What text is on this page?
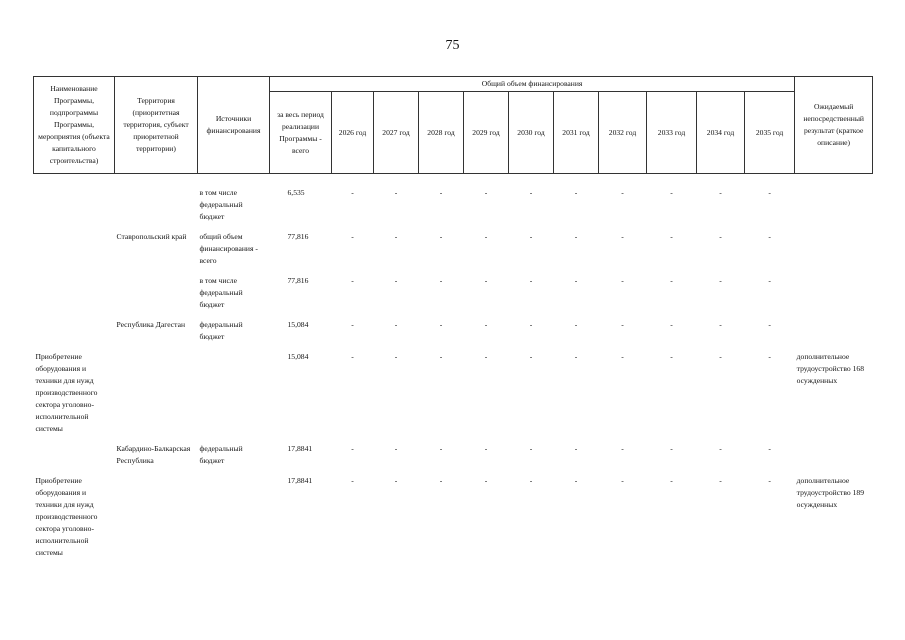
75
Наименование Программы, подпрограммы Программы, мероприятия (объекта капитального строительства)	Территория (приоритетная территория, субъект приоритетной территории)	Источники финансирования	Общий объем финансирования											Ожидаемый непосредственный результат (краткое описание)
			за весь период реализации Программы - всего	2026 год	2027 год	2028 год	2029 год	2030 год	2031 год	2032 год	2033 год	2034 год	2035 год	
		в том числе федеральный бюджет	6,535	-	-	-	-	-	-	-	-	-	-	
	Ставропольский край	общий объем финансирования - всего	77,816	-	-	-	-	-	-	-	-	-	-	
		в том числе федеральный бюджет	77,816	-	-	-	-	-	-	-	-	-	-	
	Республика Дагестан	федеральный бюджет	15,084	-	-	-	-	-	-	-	-	-	-	
Приобретение оборудования и техники для нужд производственного сектора уголовно-исполнительной системы			15,084	-	-	-	-	-	-	-	-	-	-	дополнительное трудоустройство 168 осужденных
	Кабардино-Балкарская Республика	федеральный бюджет	17,8841	-	-	-	-	-	-	-	-	-	-	
Приобретение оборудования и техники для нужд производственного сектора уголовно-исполнительной системы			17,8841	-	-	-	-	-	-	-	-	-	-	дополнительное трудоустройство 189 осужденных
